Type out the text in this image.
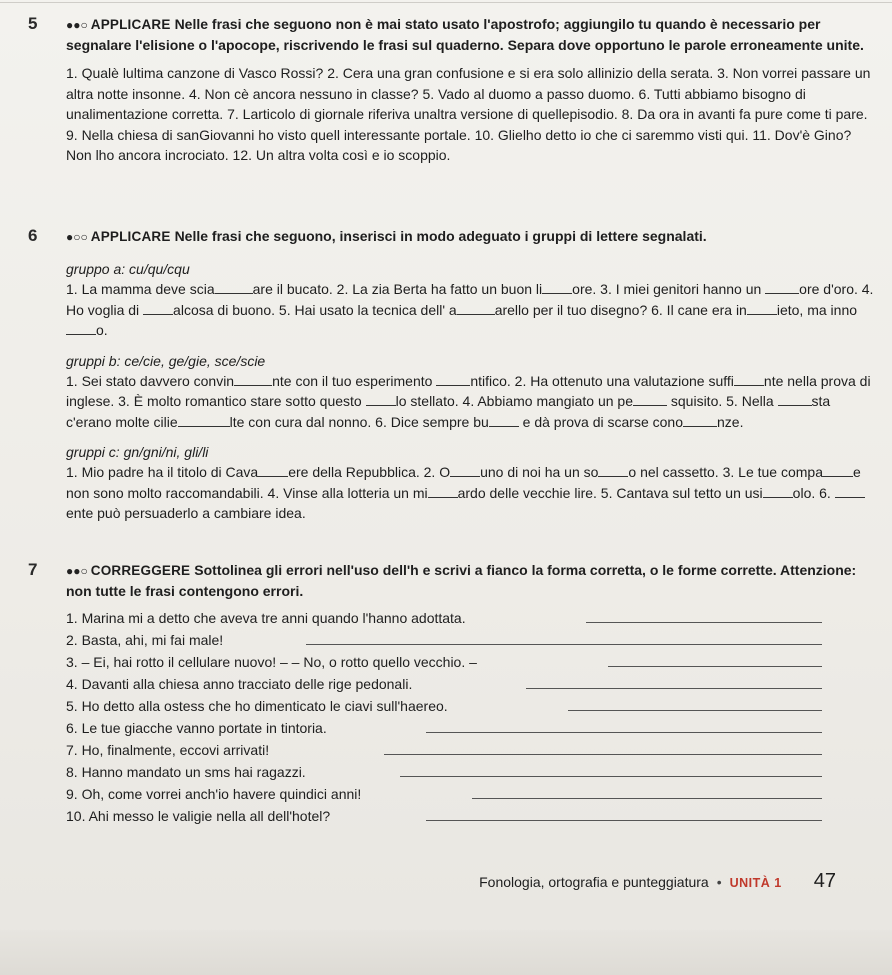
5 ●●○ APPLICARE Nelle frasi che seguono non è mai stato usato l'apostrofo; aggiungilo tu quando è necessario per segnalare l'elisione o l'apocope, riscrivendo le frasi sul quaderno. Separa dove opportuno le parole erroneamente unite.
1. Qualè lultima canzone di Vasco Rossi? 2. Cera una gran confusione e si era solo allinizio della serata. 3. Non vorrei passare un altra notte insonne. 4. Non cè ancora nessuno in classe? 5. Vado al duomo a passo duomo. 6. Tutti abbiamo bisogno di unalimentazione corretta. 7. Larticolo di giornale riferiva unaltra versione di quellepisodio. 8. Da ora in avanti fa pure come ti pare. 9. Nella chiesa di sanGiovanni ho visto quell interessante portale. 10. Glielho detto io che ci saremmo visti qui. 11. Dov'è Gino? Non lho ancora incrociato. 12. Un altra volta così e io scoppio.
6 ●○○ APPLICARE Nelle frasi che seguono, inserisci in modo adeguato i gruppi di lettere segnalati.
gruppo a: cu/qu/cqu
1. La mamma deve scia	are il bucato. 2. La zia Berta ha fatto un buon li ore. 3. I miei genitori hanno un ore d'oro. 4. Ho voglia di alcosa di buono. 5. Hai usato la tecnica dell' a	arello per il tuo disegno? 6. Il cane era in ieto, ma innoo.
gruppi b: ce/cie, ge/gie, sce/scie
1. Sei stato davvero convin	nte con il tuo esperimento ntifico. 2. Ha ottenuto una valutazione suffi nte nella prova di inglese. 3. È molto romantico stare sotto questo lo stellato. 4. Abbiamo mangiato un pe squisito. 5. Nella sta c'erano molte cilie	lte con cura dal nonno. 6. Dice sempre bu e dà prova di scarse cono nze.
gruppi c: gn/gni/ni, gli/li
1. Mio padre ha il titolo di Cava ere della Repubblica. 2. O uno di noi ha un so o nel cassetto. 3. Le tue compa e non sono molto raccomandabili. 4. Vinse alla lotteria un mi ardo delle vecchie lire. 5. Cantava sul tetto un usi olo. 6. ente può persuaderlo a cambiare idea.
7 ●●○ CORREGGERE Sottolinea gli errori nell'uso dell'h e scrivi a fianco la forma corretta, o le forme corrette. Attenzione: non tutte le frasi contengono errori.
1. Marina mi a detto che aveva tre anni quando l'hanno adottata.
2. Basta, ahi, mi fai male!
3. – Ei, hai rotto il cellulare nuovo! – – No, o rotto quello vecchio. –
4. Davanti alla chiesa anno tracciato delle rige pedonali.
5. Ho detto alla ostess che ho dimenticato le ciavi sull'haereo.
6. Le tue giacche vanno portate in tintoria.
7. Ho, finalmente, eccovi arrivati!
8. Hanno mandato un sms hai ragazzi.
9. Oh, come vorrei anch'io havere quindici anni!
10. Ahi messo le valigie nella all dell'hotel?
Fonologia, ortografia e punteggiatura • UNITÀ 1 47
